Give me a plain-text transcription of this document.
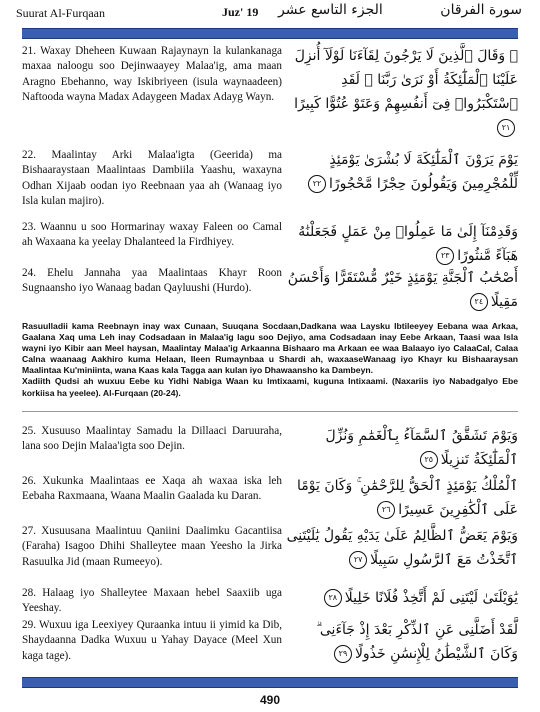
Suurat Al-Furqaan	Juz' 19 الجزء التاسع عشر	سورة الفرقان
21. Waxay Dheheen Kuwaan Rajaynayn la kulankanaga maxaa naloogu soo Dejinwaayey Malaa'ig, ama maan Aragno Ebehanno, way Iskibriyeen (isula waynaadeen) Naftooda wayna Madax Adaygeen Madax Adayg Wayn.
۞ وَقَالَ ٱلَّذِينَ لَا يَرْجُونَ لِقَآءَنَا لَوْلَآ أُنزِلَ عَلَيْنَا ٱلْمَلَٰٓئِكَةُ أَوْ نَرَىٰ رَبَّنَا ۗ لَقَدِ ٱسْتَكْبَرُوا۟ فِىٓ أَنفُسِهِمْ وَعَتَوْ عُتُوًّا كَبِيرًا٢١
22. Maalintay Arki Malaa'igta (Geerida) ma Bishaaraystaan Maalintaas Dambiila Yaashu, waxayna Odhan Xijaab oodan iyo Reebnaan yaa ah (Wanaag iyo Isla kulan majiro).
يَوْمَ يَرَوْنَ ٱلْمَلَٰٓئِكَةَ لَا بُشْرَىٰ يَوْمَئِذٍ لِّلْمُجْرِمِينَ وَيَقُولُونَ حِجْرًا مَّحْجُورًا٢٢
23. Waannu u soo Hormarinay waxay Faleen oo Camal ah Waxaana ka yeelay Dhalanteed la Firdhiyey.
وَقَدِمْنَآ إِلَىٰ مَا عَمِلُوا۟ مِنْ عَمَلٍ فَجَعَلْنَٰهُ هَبَآءً مَّنثُورًا٢٣
24. Ehelu Jannaha yaa Maalintaas Khayr Roon Sugnaansho iyo Wanaag badan Qayluushi (Hurdo).
أَصْحَٰبُ ٱلْجَنَّةِ يَوْمَئِذٍ خَيْرٌ مُّسْتَقَرًّا وَأَحْسَنُ مَقِيلًا٢٤

Rasuulladii kama Reebnayn inay wax Cunaan, Suuqana Socdaan,Dadkana waa Laysku Ibtileeyey Eebana waa Arkaa, Gaalana Xaq uma Leh inay Codsadaan in Malaa'ig lagu soo Dejiyo, ama Codsadaan inay Eebe Arkaan, Taasi waa Isla wayni iyo Kibir aan Meel haysan, Maalintay Malaa'ig Arkaanna Bishaaro ma Arkaan ee waa Balaayo iyo CalaaCal, Calaa Calna waanaag Aakhiro kuma Helaan, Ileen Rumaynbaa u Shardi ah, waxaaseWanaag iyo Khayr ku Bishaaraysan Maalintaa Ku'miniinta, wana Kaas kala Tagga aan kulan iyo Dhawaansho ka Dambeyn.

Xadiith Qudsi ah wuxuu Eebe ku Yidhi Nabiga Waan ku Imtixaami, kuguna Intixaami. (Naxariis iyo Nabadgalyo Ebe korkiisa ha yeelee). Al-Furqaan (20-24).

25. Xusuuso Maalintay Samadu la Dillaaci Daruuraha, lana soo Dejin Malaa'igta soo Dejin.
وَيَوْمَ تَشَقَّقُ ٱلسَّمَآءُ بِٱلْغَمَٰمِ وَنُزِّلَ ٱلْمَلَٰٓئِكَةُ تَنزِيلًا٢٥
26. Xukunka Maalintaas ee Xaqa ah waxaa iska leh Eebaha Raxmaana, Waana Maalin Gaalada ku Daran.
ٱلْمُلْكُ يَوْمَئِذٍ ٱلْحَقُّ لِلرَّحْمَٰنِ ۚ وَكَانَ يَوْمًا عَلَى ٱلْكَٰفِرِينَ عَسِيرًا٢٦
27. Xusuusana Maalintuu Qaniini Daalimku Gacantiisa (Faraha) Isagoo Dhihi Shalleytee maan Yeesho la Jirka Rasuulka Jid (maan Rumeeyo).
وَيَوْمَ يَعَضُّ ٱلظَّالِمُ عَلَىٰ يَدَيْهِ يَقُولُ يَٰلَيْتَنِى ٱتَّخَذْتُ مَعَ ٱلرَّسُولِ سَبِيلًا٢٧
28. Halaag iyo Shalleytee Maxaan hebel Saaxiib uga Yeeshay.
يَٰوَيْلَتَىٰ لَيْتَنِى لَمْ أَتَّخِذْ فُلَانًا خَلِيلًا٢٨
29. Wuxuu iga Leexiyey Quraanka intuu ii yimid ka Dib, Shaydaanna Dadka Wuxuu u Yahay Dayace (Meel Xun kaga tage).
لَّقَدْ أَضَلَّنِى عَنِ ٱلذِّكْرِ بَعْدَ إِذْ جَآءَنِى ۗ وَكَانَ ٱلشَّيْطَٰنُ لِلْإِنسَٰنِ خَذُولًا٢٩
490
